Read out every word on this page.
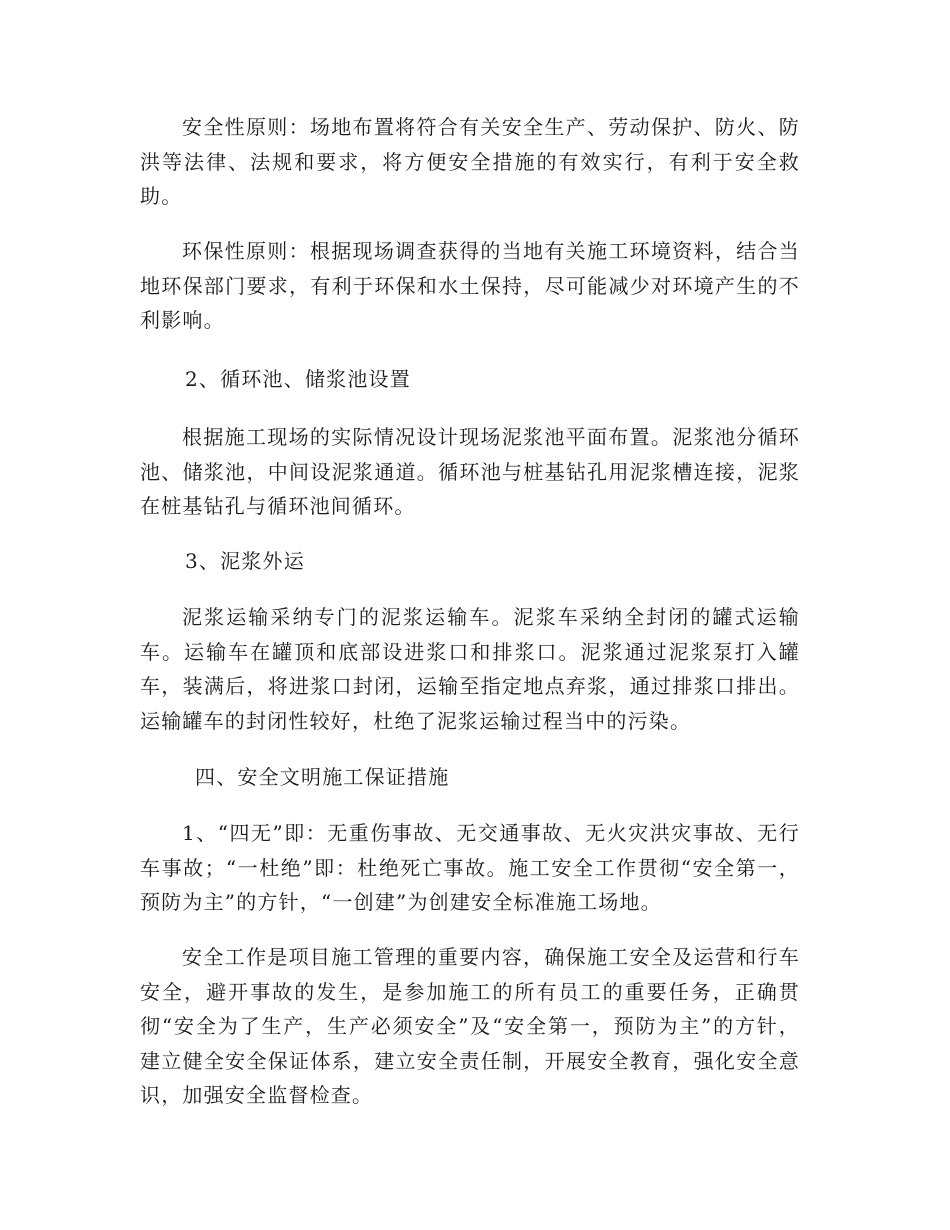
安全性原则：场地布置将符合有关安全生产、劳动保护、防火、防洪等法律、法规和要求，将方便安全措施的有效实行，有利于安全救助。

环保性原则：根据现场调查获得的当地有关施工环境资料，结合当地环保部门要求，有利于环保和水土保持，尽可能减少对环境产生的不利影响。

2、循环池、储浆池设置

根据施工现场的实际情况设计现场泥浆池平面布置。泥浆池分循环池、储浆池，中间设泥浆通道。循环池与桩基钻孔用泥浆槽连接，泥浆在桩基钻孔与循环池间循环。

3、泥浆外运

泥浆运输采纳专门的泥浆运输车。泥浆车采纳全封闭的罐式运输车。运输车在罐顶和底部设进浆口和排浆口。泥浆通过泥浆泵打入罐车，装满后，将进浆口封闭，运输至指定地点弃浆，通过排浆口排出。运输罐车的封闭性较好，杜绝了泥浆运输过程当中的污染。

四、安全文明施工保证措施

1、“四无”即：无重伤事故、无交通事故、无火灾洪灾事故、无行车事故；“一杜绝”即：杜绝死亡事故。施工安全工作贯彻“安全第一，预防为主”的方针，“一创建”为创建安全标准施工场地。

安全工作是项目施工管理的重要内容，确保施工安全及运营和行车安全，避开事故的发生，是参加施工的所有员工的重要任务，正确贯彻“安全为了生产，生产必须安全”及“安全第一，预防为主”的方针，建立健全安全保证体系，建立安全责任制，开展安全教育，强化安全意识，加强安全监督检查。
